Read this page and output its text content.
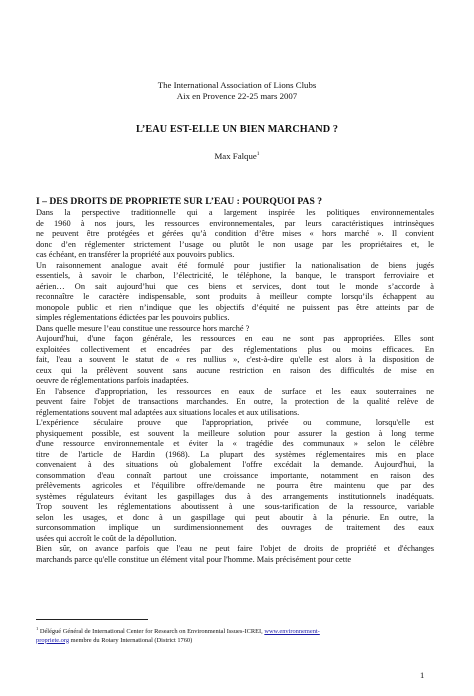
The International Association of Lions Clubs
Aix en Provence 22-25 mars 2007
L’EAU EST-ELLE UN BIEN MARCHAND ?
Max Falque$^1$
I – DES DROITS DE PROPRIETE SUR L’EAU : POURQUOI PAS ?
Dans la perspective traditionnelle qui a largement inspirée les politiques environnementales
de 1960 à nos jours, les ressources environnementales, par leurs caractéristiques intrinsèques
ne peuvent être protégées et gérées qu’à condition d’être mises « hors marché ». Il convient
donc d’en réglementer strictement l’usage ou plutôt le non usage par les propriétaires et, le
cas échéant, en transférer la propriété aux pouvoirs publics.
Un raisonnement analogue avait été formulé pour justifier la nationalisation de biens jugés
essentiels, à savoir le charbon, l’électricité, le téléphone, la banque, le transport ferroviaire et
aérien… On sait aujourd’hui que ces biens et services, dont tout le monde s’accorde à
reconnaître le caractère indispensable, sont produits à meilleur compte lorsqu’ils échappent au
monopole public et rien n’indique que les objectifs d’équité ne puissent pas être atteints par de
simples réglementations édictées par les pouvoirs publics.
Dans quelle mesure l’eau constitue une ressource hors marché ?
Aujourd'hui, d'une façon générale, les ressources en eau ne sont pas appropriées. Elles sont
exploitées collectivement et encadrées par des réglementations plus ou moins efficaces. En
fait, l'eau a souvent le statut de « res nullius », c'est-à-dire qu'elle est alors à la disposition de
ceux qui la prélèvent souvent sans aucune restriction en raison des difficultés de mise en
oeuvre de réglementations parfois inadaptées.
En l'absence d'appropriation, les ressources en eaux de surface et les eaux souterraines ne
peuvent faire l'objet de transactions marchandes. En outre, la protection de la qualité relève de
réglementations souvent mal adaptées aux situations locales et aux utilisations.
L'expérience séculaire prouve que l'appropriation, privée ou commune, lorsqu'elle est
physiquement possible, est souvent la meilleure solution pour assurer la gestion à long terme
d'une ressource environnementale et éviter la « tragédie des communaux » selon le célèbre
titre de l'article de Hardin (1968). La plupart des systèmes réglementaires mis en place
convenaient à des situations où globalement l'offre excédait la demande. Aujourd'hui, la
consommation d'eau connaît partout une croissance importante, notamment en raison des
prélèvements agricoles et l'équilibre offre/demande ne pourra être maintenu que par des
systèmes régulateurs évitant les gaspillages dus à des arrangements institutionnels inadéquats.
Trop souvent les réglementations aboutissent à une sous-tarification de la ressource, variable
selon les usages, et donc à un gaspillage qui peut aboutir à la pénurie. En outre, la
surconsommation implique un surdimensionnement des ouvrages de traitement des eaux
usées qui accroît le coût de la dépollution.
Bien sûr, on avance parfois que l'eau ne peut faire l'objet de droits de propriété et d'échanges
marchands parce qu'elle constitue un élément vital pour l'homme. Mais précisément pour cette
$^1$ Délégué Général de International Center for Research on Environmental Issues-ICREI, www.environnement-
propriete.org membre du Rotary International (District 1760)
1
